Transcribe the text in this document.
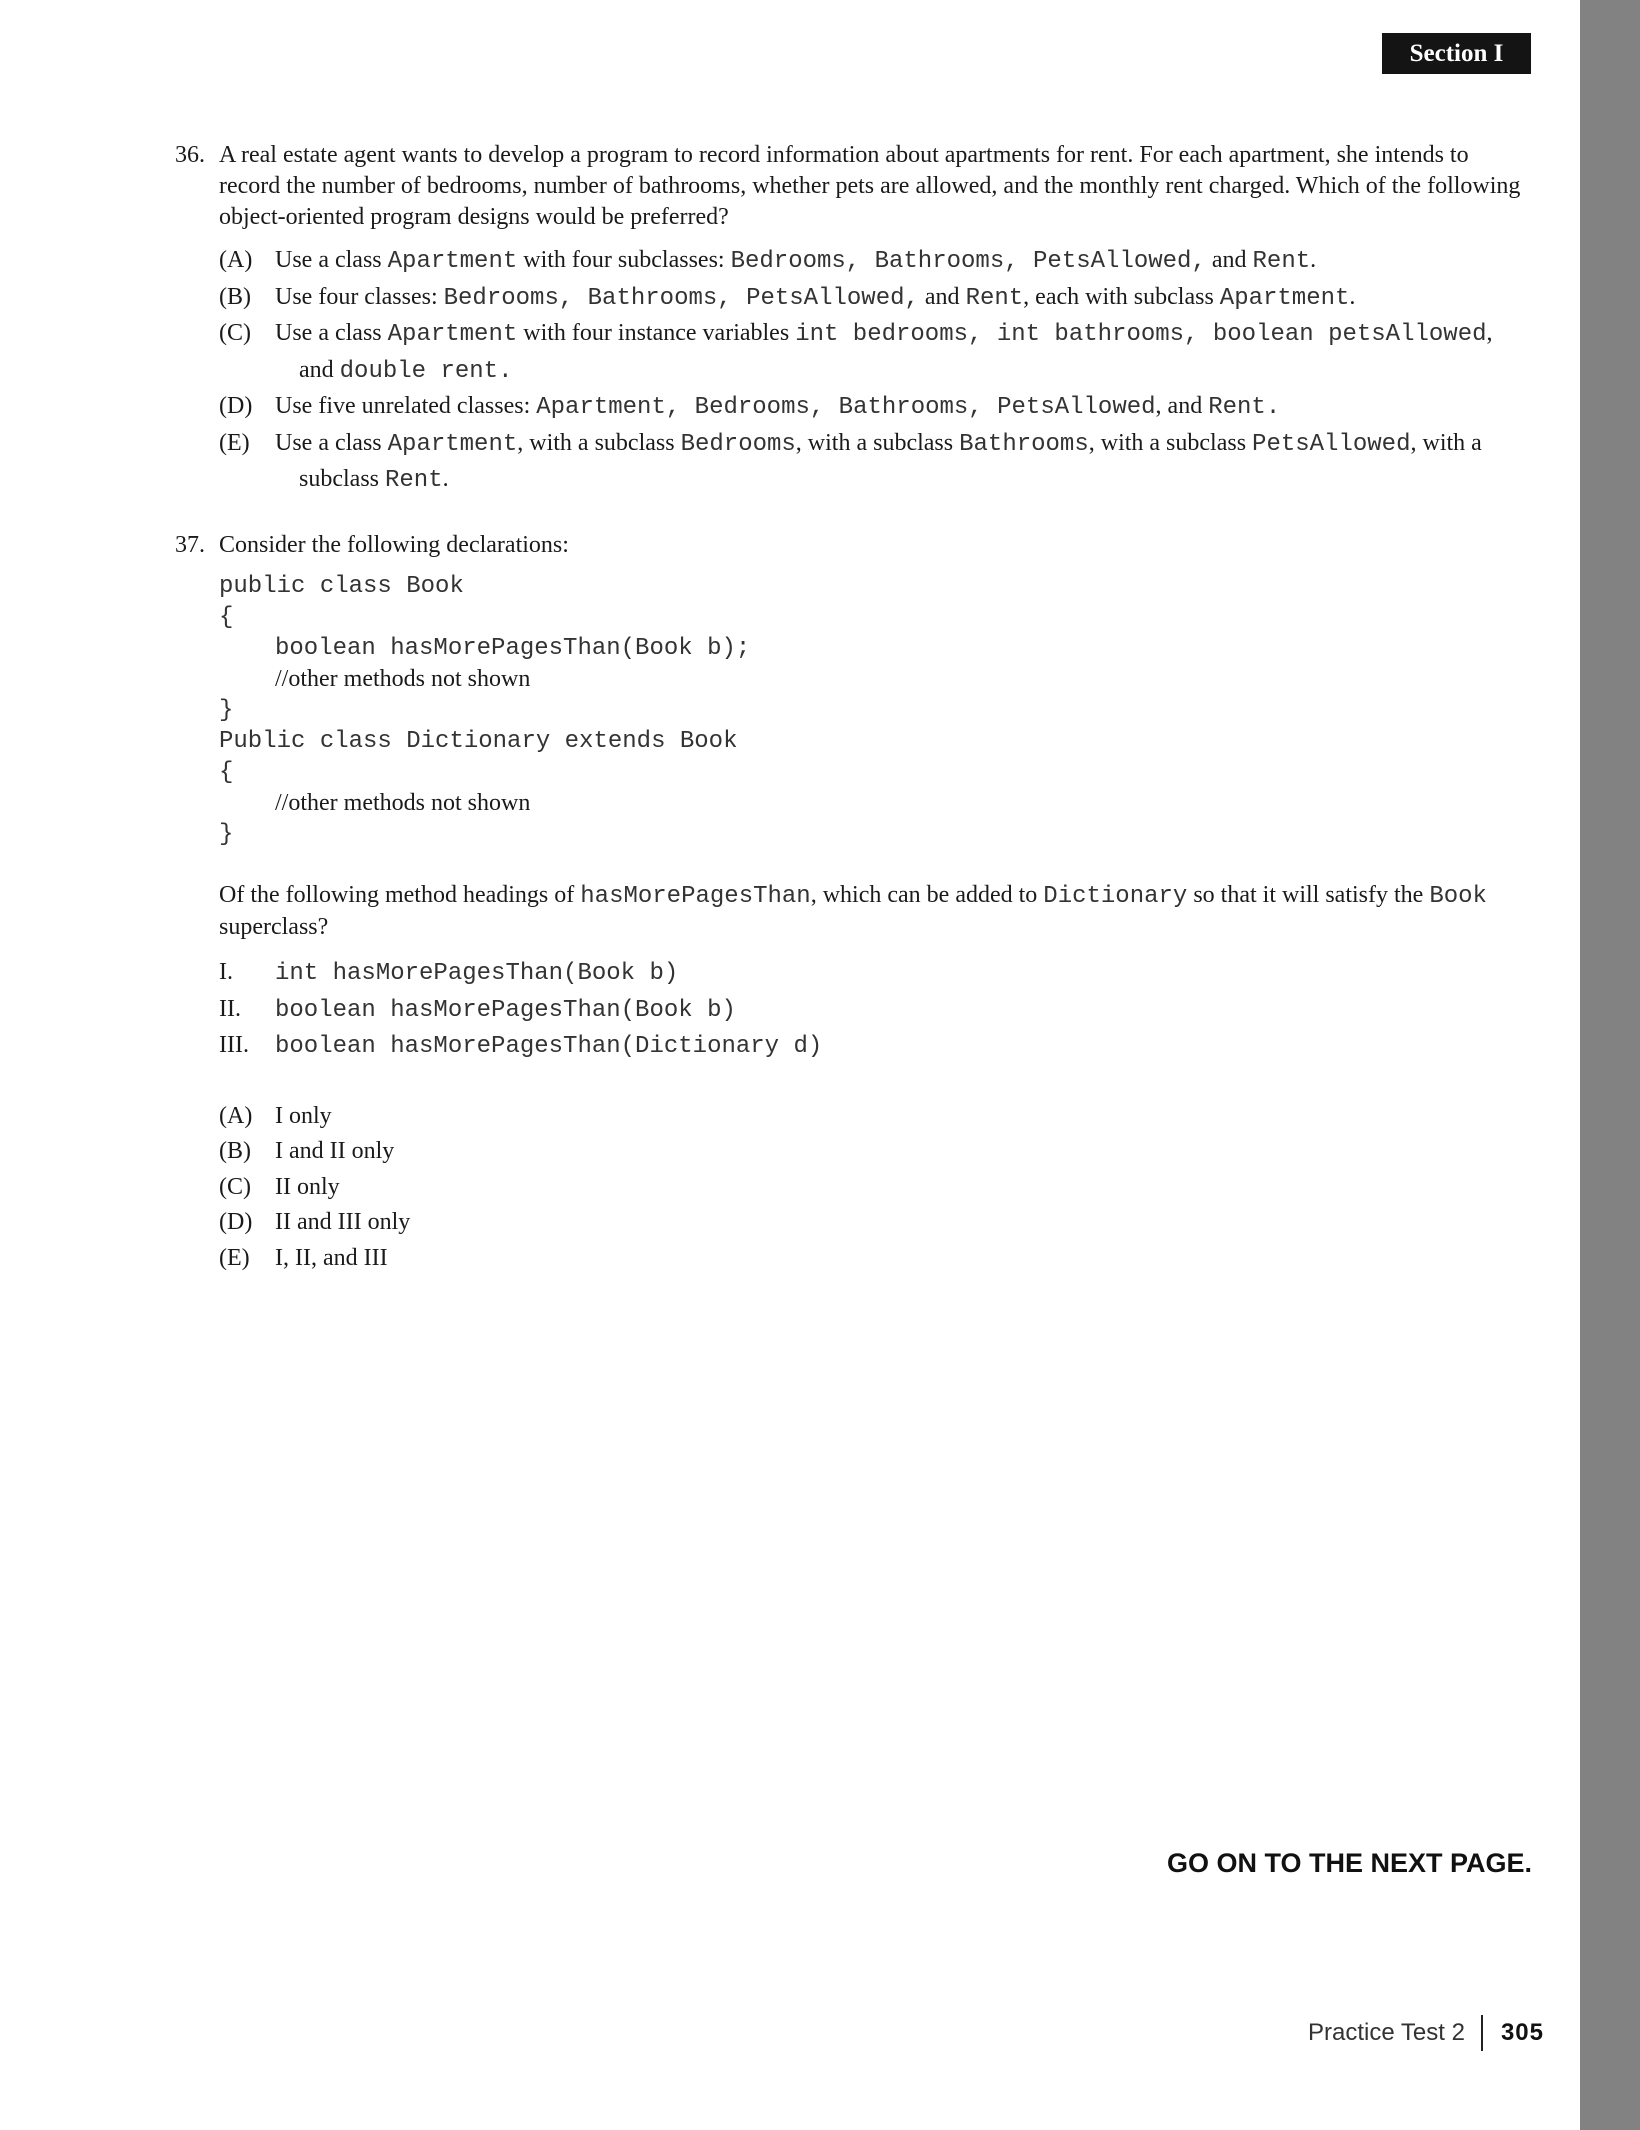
Section I
36. A real estate agent wants to develop a program to record information about apartments for rent. For each apartment, she intends to record the number of bedrooms, number of bathrooms, whether pets are allowed, and the monthly rent charged. Which of the following object-oriented program designs would be preferred?
(A) Use a class Apartment with four subclasses: Bedrooms, Bathrooms, PetsAllowed, and Rent.
(B) Use four classes: Bedrooms, Bathrooms, PetsAllowed, and Rent, each with subclass Apartment.
(C) Use a class Apartment with four instance variables int bedrooms, int bathrooms, boolean petsAllowed, and double rent.
(D) Use five unrelated classes: Apartment, Bedrooms, Bathrooms, PetsAllowed, and Rent.
(E) Use a class Apartment, with a subclass Bedrooms, with a subclass Bathrooms, with a subclass PetsAllowed, with a subclass Rent.
37. Consider the following declarations:
public class Book
{
boolean hasMorePagesThan(Book b);
//other methods not shown
}
Public class Dictionary extends Book
{
//other methods not shown
}
Of the following method headings of hasMorePagesThan, which can be added to Dictionary so that it will satisfy the Book superclass?
I. int hasMorePagesThan(Book b)
II. boolean hasMorePagesThan(Book b)
III. boolean hasMorePagesThan(Dictionary d)
(A) I only
(B) I and II only
(C) II only
(D) II and III only
(E) I, II, and III
GO ON TO THE NEXT PAGE.
Practice Test 2 305
